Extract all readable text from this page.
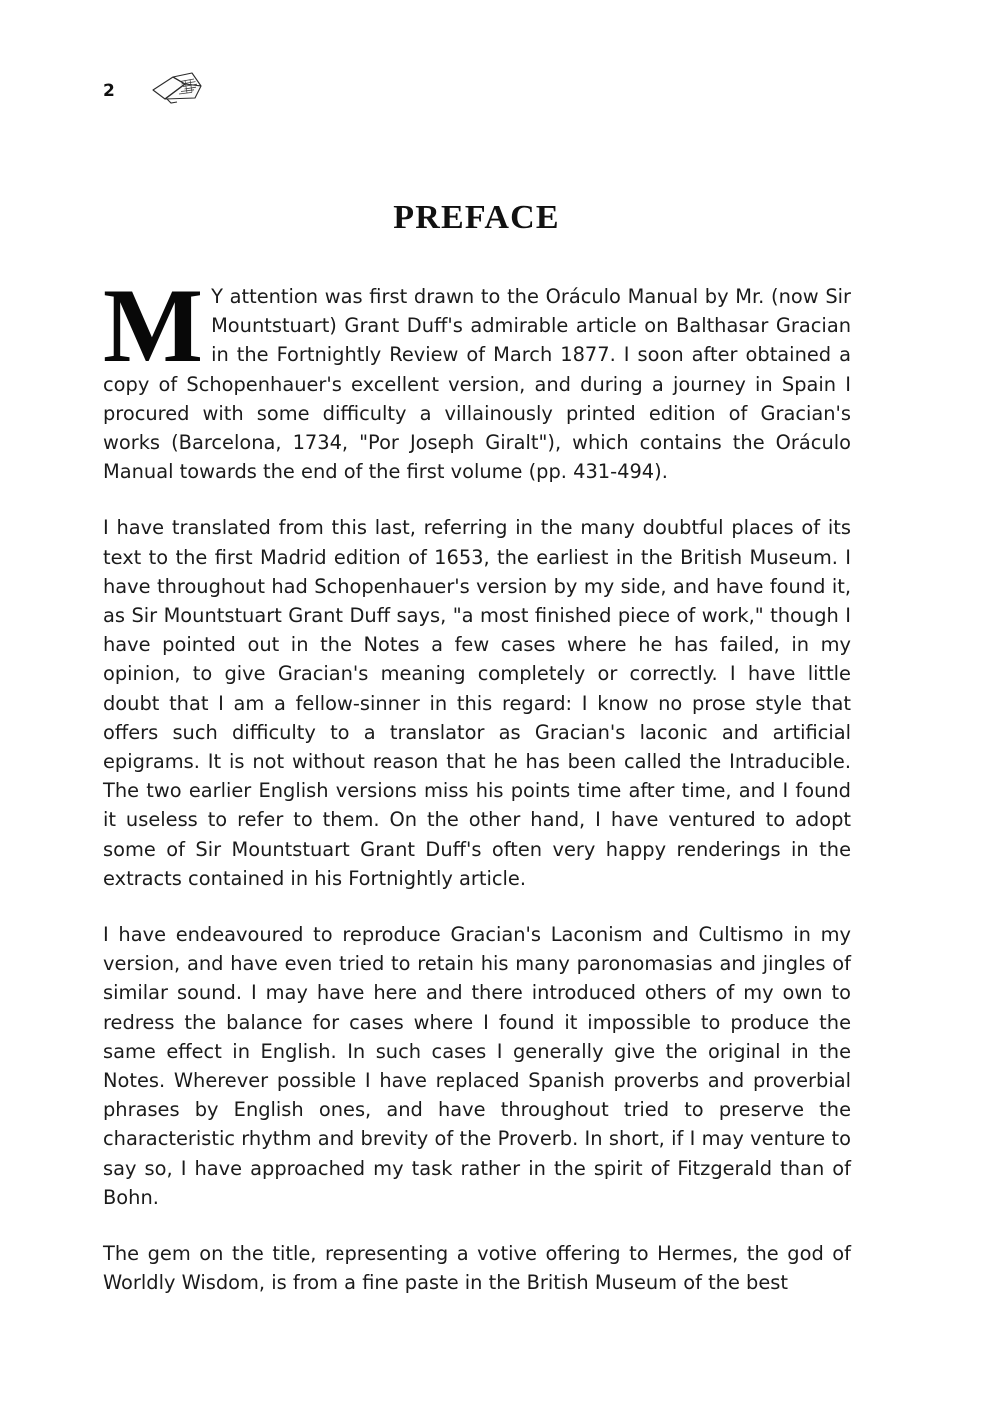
2
PREFACE

M Y attention was first drawn to the Oráculo Manual by Mr. (now Sir Mountstuart) Grant Duff's admirable article on Balthasar Gracian in the Fortnightly Review of March 1877. I soon after obtained a copy of Schopenhauer's excellent version, and during a journey in Spain I procured with some difficulty a villainously printed edition of Gracian's works (Barcelona, 1734, "Por Joseph Giralt"), which contains the Oráculo Manual towards the end of the first volume (pp. 431-494).

I have translated from this last, referring in the many doubtful places of its text to the first Madrid edition of 1653, the earliest in the British Museum. I have throughout had Schopenhauer's version by my side, and have found it, as Sir Mountstuart Grant Duff says, "a most finished piece of work," though I have pointed out in the Notes a few cases where he has failed, in my opinion, to give Gracian's meaning completely or correctly. I have little doubt that I am a fellow-sinner in this regard: I know no prose style that offers such difficulty to a translator as Gracian's laconic and artificial epigrams. It is not without reason that he has been called the Intraducible. The two earlier English versions miss his points time after time, and I found it useless to refer to them. On the other hand, I have ventured to adopt some of Sir Mountstuart Grant Duff's often very happy renderings in the extracts contained in his Fortnightly article.

I have endeavoured to reproduce Gracian's Laconism and Cultismo in my version, and have even tried to retain his many paronomasias and jingles of similar sound. I may have here and there introduced others of my own to redress the balance for cases where I found it impossible to produce the same effect in English. In such cases I generally give the original in the Notes. Wherever possible I have replaced Spanish proverbs and proverbial phrases by English ones, and have throughout tried to preserve the characteristic rhythm and brevity of the Proverb. In short, if I may venture to say so, I have approached my task rather in the spirit of Fitzgerald than of Bohn.

The gem on the title, representing a votive offering to Hermes, the god of Worldly Wisdom, is from a fine paste in the British Museum of the best
